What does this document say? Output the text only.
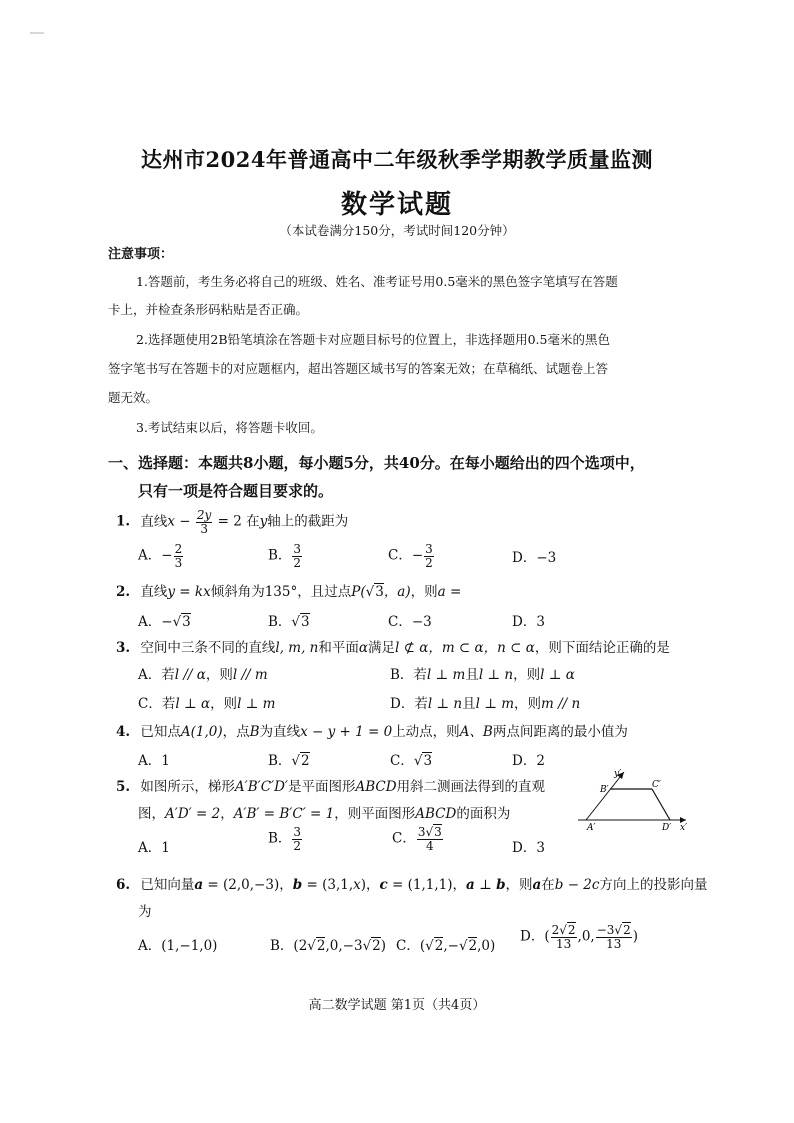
达州市2024年普通高中二年级秋季学期教学质量监测
数学试题
（本试卷满分150分，考试时间120分钟）
注意事项：
1.答题前，考生务必将自己的班级、姓名、准考证号用0.5毫米的黑色签字笔填写在答题
卡上，并检查条形码粘贴是否正确。
2.选择题使用2B铅笔填涂在答题卡对应题目标号的位置上，非选择题用0.5毫米的黑色
签字笔书写在答题卡的对应题框内，超出答题区域书写的答案无效；在草稿纸、试题卷上答
题无效。
3.考试结束以后，将答题卡收回。
一、选择题：本题共8小题，每小题5分，共40分。在每小题给出的四个选项中，
只有一项是符合题目要求的。
1. 直线$x - \frac{2y}{3} = 2$ 在y轴上的截距为
A．− $\frac{2}{3}$	B． $\frac{3}{2}$	C．− $\frac{3}{2}$	D．−3
2. 直线y = kx倾斜角为135°，且过点P(√3，a)，则a =
A．−√3	B．√3	C．−3	D．3
3. 空间中三条不同的直线l, m, n和平面α满足l ⊄ α，m ⊂ α，n ⊂ α，则下面结论正确的是
A．若l // α，则l // m	B．若l ⊥ m且l ⊥ n，则l ⊥ α
C．若l ⊥ α，则l ⊥ m	D．若l ⊥ n且l ⊥ m，则m // n
4. 已知点A(1,0)，点B为直线x − y + 1 = 0上动点，则A、B两点间距离的最小值为
A．1	B．√2	C．√3	D．2
5. 如图所示，梯形A′B′C′D′是平面图形ABCD用斜二测画法得到的直观
图，A′D′ = 2，A′B′ = B′C′ = 1，则平面图形ABCD的面积为
A．1
B． $\frac{3}{2}$	C． $\frac{3√3}{4}$	D．3
y′
B′	C′
A′	D′ x′
6. 已知向量a = (2,0,−3)，b = (3,1,x)，c = (1,1,1)，a ⊥ b，则a在b − 2c方向上的投影向量
为
A．(1,−1,0)	B．(2√2,0,−3√2) C．(√2,−√2,0)
D．( $\frac{2√2}{13} ,0$, $\frac{-3√2}{13}$ )
高二数学试题 第1页（共4页）
